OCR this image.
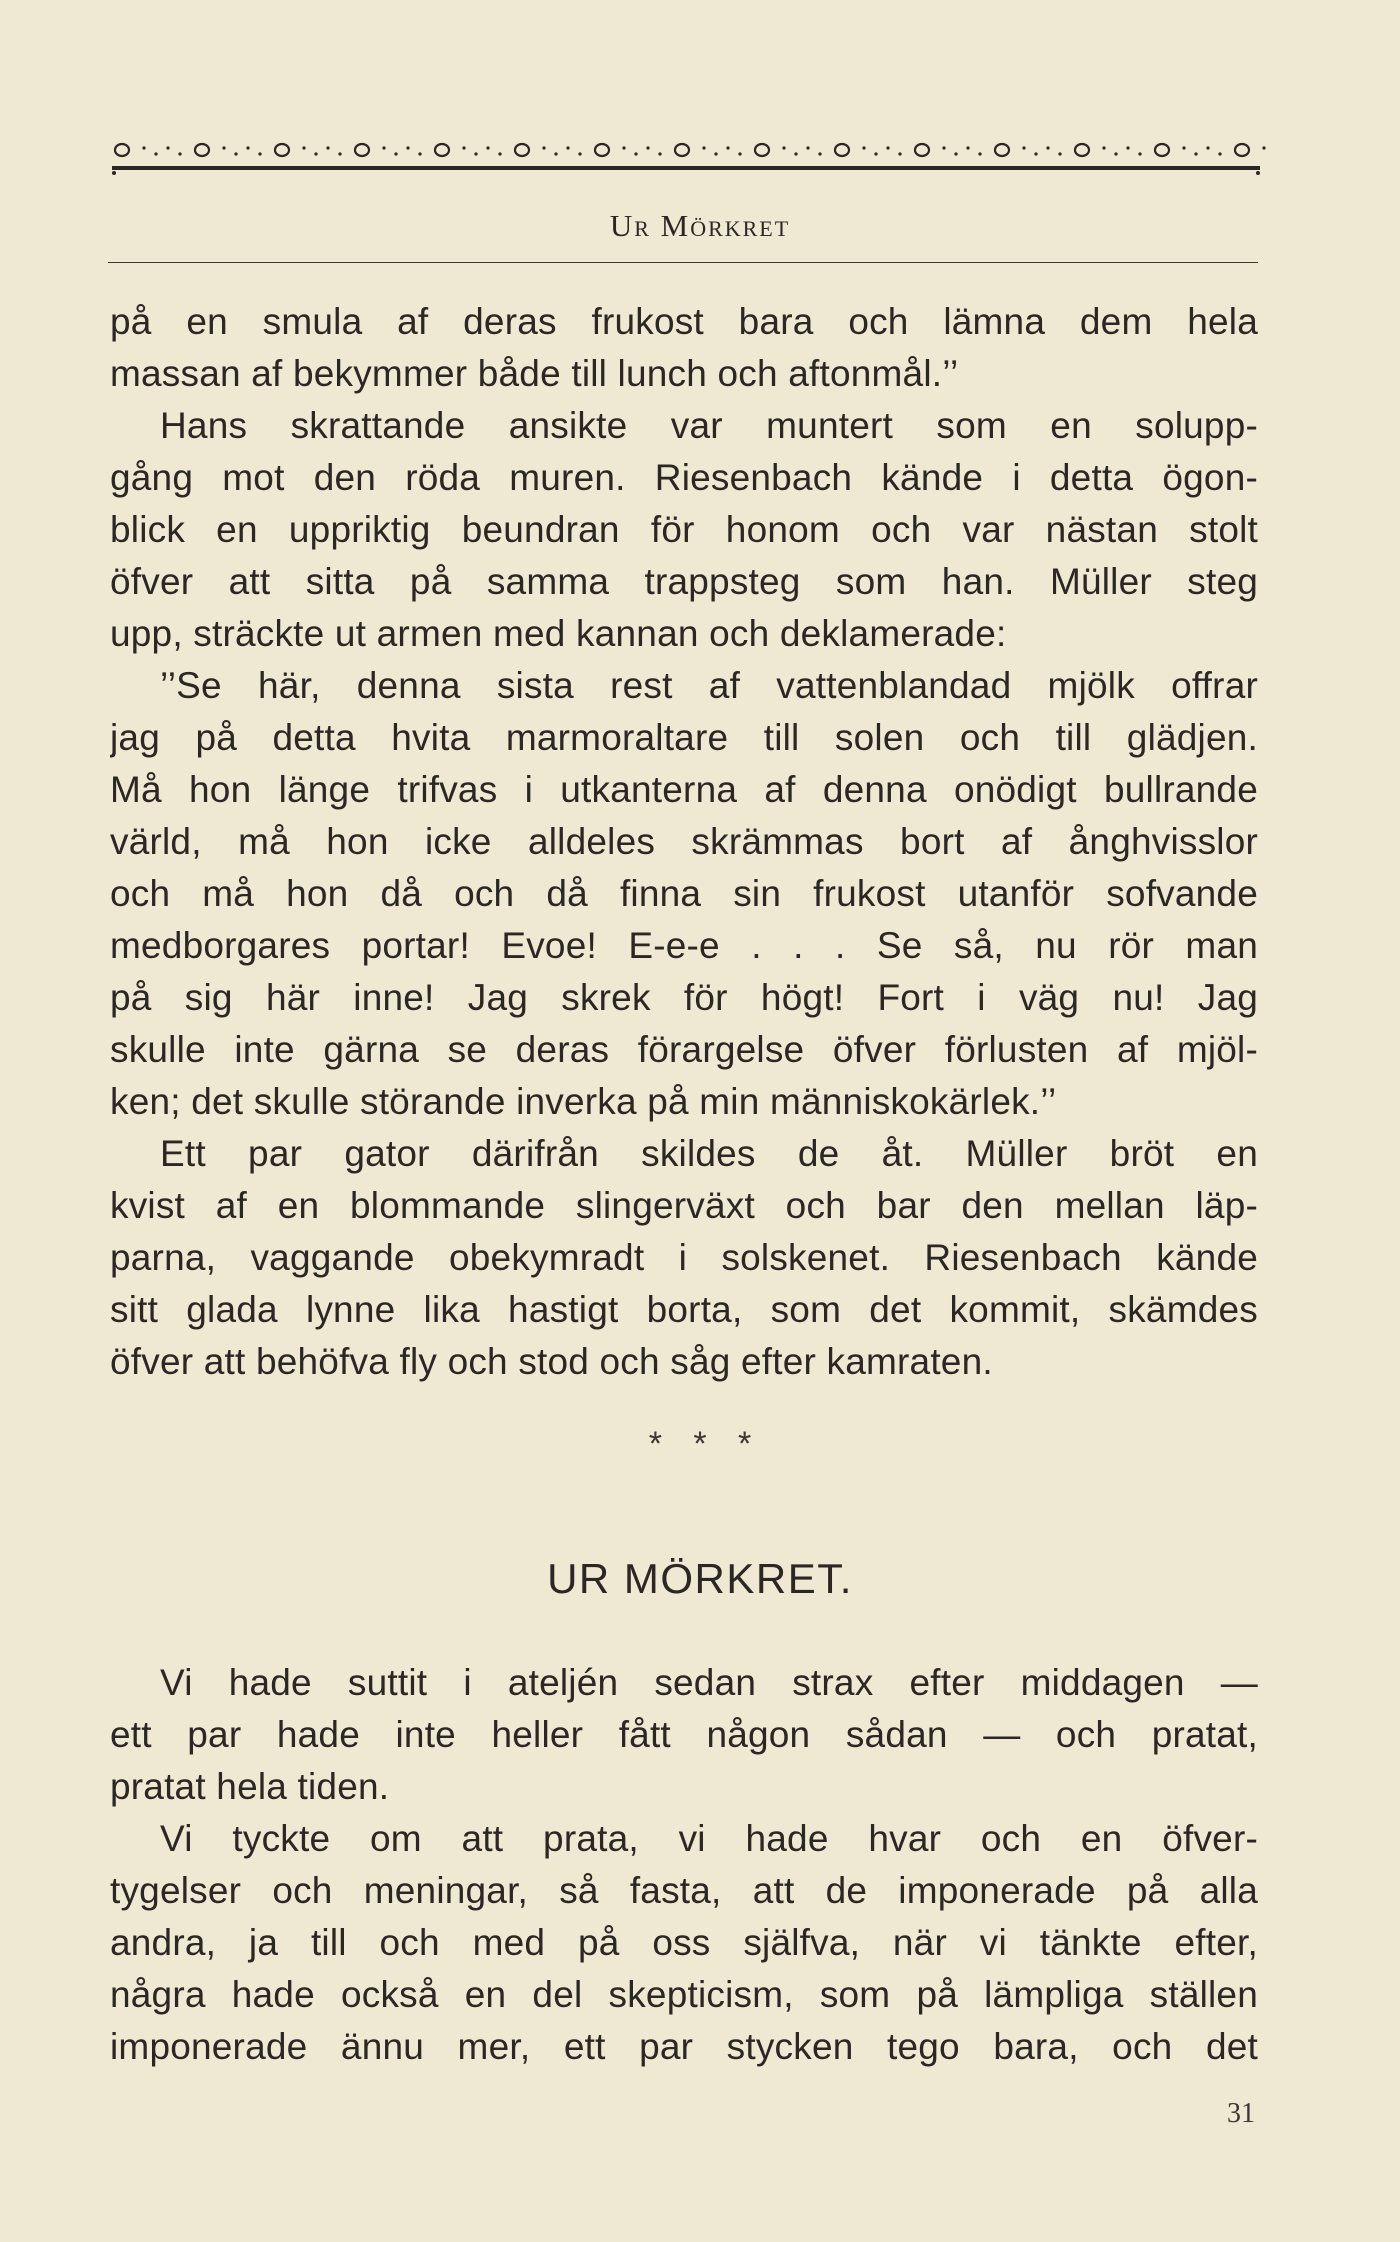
Ur Mörkret
på en smula af deras frukost bara och lämna dem hela
massan af bekymmer både till lunch och aftonmål.’’
Hans skrattande ansikte var muntert som en solupp-
gång mot den röda muren. Riesenbach kände i detta ögon-
blick en uppriktig beundran för honom och var nästan stolt
öfver att sitta på samma trappsteg som han. Müller steg
upp, sträckte ut armen med kannan och deklamerade:
’’Se här, denna sista rest af vattenblandad mjölk offrar
jag på detta hvita marmoraltare till solen och till glädjen.
Må hon länge trifvas i utkanterna af denna onödigt bullrande
värld, må hon icke alldeles skrämmas bort af ånghvisslor
och må hon då och då finna sin frukost utanför sofvande
medborgares portar! Evoe! E-e-e . . . Se så, nu rör man
på sig här inne! Jag skrek för högt! Fort i väg nu! Jag
skulle inte gärna se deras förargelse öfver förlusten af mjöl-
ken; det skulle störande inverka på min människokärlek.’’
Ett par gator därifrån skildes de åt. Müller bröt en
kvist af en blommande slingerväxt och bar den mellan läp-
parna, vaggande obekymradt i solskenet. Riesenbach kände
sitt glada lynne lika hastigt borta, som det kommit, skämdes
öfver att behöfva fly och stod och såg efter kamraten.
* * *
UR MÖRKRET.
Vi hade suttit i ateljén sedan strax efter middagen —
ett par hade inte heller fått någon sådan — och pratat,
pratat hela tiden.
Vi tyckte om att prata, vi hade hvar och en öfver-
tygelser och meningar, så fasta, att de imponerade på alla
andra, ja till och med på oss själfva, när vi tänkte efter,
några hade också en del skepticism, som på lämpliga ställen
imponerade ännu mer, ett par stycken tego bara, och det
31
